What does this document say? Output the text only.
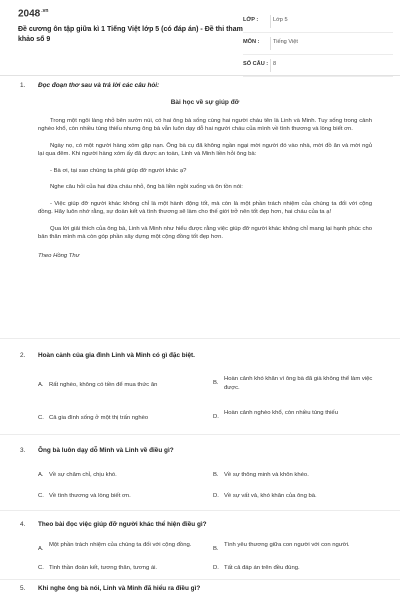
$2048^{.vn}$
Đề cương ôn tập giữa kì 1 Tiếng Việt lớp 5 (có đáp án) - Đề thi tham khảo số 9
LỚP :	Lớp 5
MÔN : Tiếng Việt
SỐ CÂU : 8
1. Đọc đoạn thơ sau và trả lời các câu hỏi:
Bài học về sự giúp đỡ

Trong một ngôi làng nhỏ bên sườn núi, có hai ông bà sống cùng hai người cháu tên là Linh và Minh. Tuy sống trong cảnh nghèo khổ, còn nhiều túng thiếu nhưng ông bà vẫn luôn dạy dỗ hai người cháu của mình về tình thương và lòng biết ơn.

Ngày nọ, có một người hàng xóm gặp nạn. Ông bà cụ đã không ngần ngại mời người đó vào nhà, mời đồ ăn và mời ngủ lại qua đêm. Khi người hàng xóm ấy đã được an toàn, Linh và Minh liền hỏi ông bà:

- Bà ơi, tại sao chúng ta phải giúp đỡ người khác ạ?

Nghe câu hỏi của hai đứa cháu nhỏ, ông bà liền ngồi xuống và ôn tồn nói:

- Việc giúp đỡ người khác không chỉ là một hành động tốt, mà còn là một phần trách nhiệm của chúng ta đối với cộng đồng. Hãy luôn nhớ rằng, sự đoàn kết và tình thương sẽ làm cho thế giới trở nên tốt đẹp hơn, hai cháu của ta ạ!

Qua lời giải thích của ông bà, Linh và Minh như hiểu được rằng việc giúp đỡ người khác không chỉ mang lại hạnh phúc cho bản thân mình mà còn góp phần xây dựng một cộng đồng tốt đẹp hơn.

Theo Hồng Thư

2. Hoàn cảnh của gia đình Linh và Minh có gì đặc biệt.
A. Rất nghèo, không có tiền để mua thức ăn	B.
Hoàn cảnh khó khăn vì ông bà đã già không thể làm việc được.
C. Cả gia đình sống ở một thị trấn nghèo	D.
Hoàn cảnh nghèo khổ, còn nhiều túng thiếu
3. Ông bà luôn dạy dỗ Minh và Linh về điều gì?
A. Về sự chăm chỉ, chịu khó.	B. Về sự thông minh và khôn khéo.
C. Về tình thương và lòng biết ơn.	D. Về sự vất vả, khó khăn của ông bà.
4. Theo bài đọc việc giúp đỡ người khác thể hiện điều gì?
A.
Một phần trách nhiệm của chúng ta đối với cộng đồng.
B.
Tình yêu thương giữa con người với con người.
C. Tinh thần đoàn kết, tương thân, tương ái.	D. Tất cả đáp án trên đều đúng.
5. Khi nghe ông bà nói, Linh và Minh đã hiểu ra điều gì?
